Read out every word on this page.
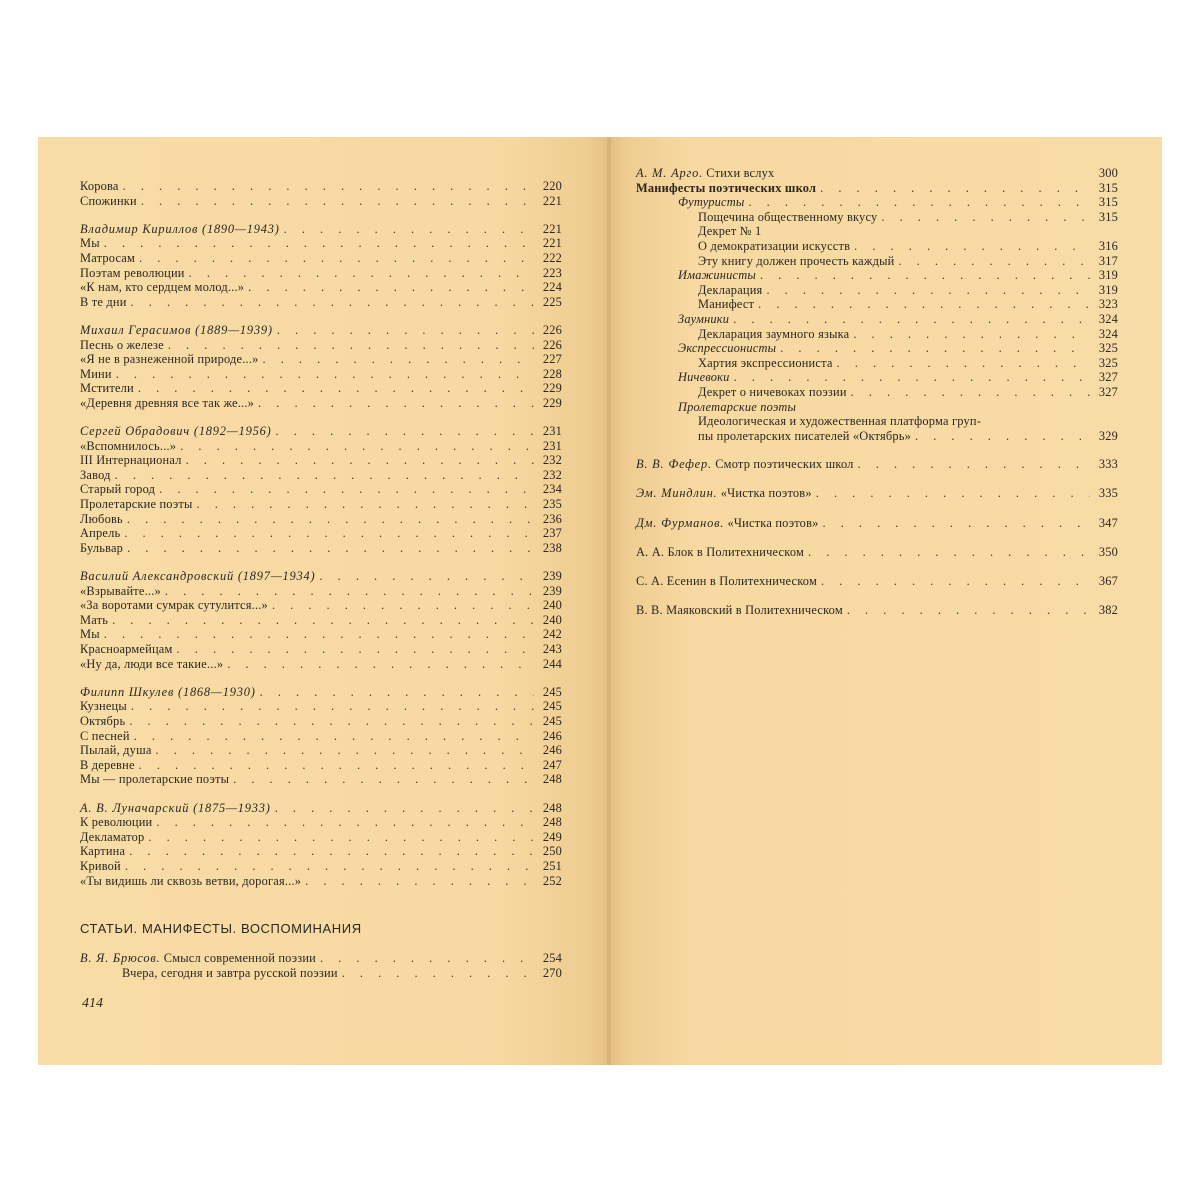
Корова . . .	220
Спожинки . . .	221
Владимир Кириллов (1890—1943) . . .	221
Мы . . .	221
Матросам . . .	222
Поэтам революции . . .	223
«К нам, кто сердцем молод...» . . .	224
В те дни . . .	225
Михаил Герасимов (1889—1939) . . .	226
Песнь о железе . . .	226
«Я не в разнеженной природе...» . . .	227
Мини . . .	228
Мстители . . .	229
«Деревня древняя все так же...» . . .	229
Сергей Обрадович (1892—1956) . . .	231
«Вспомнилось...» . . .	231
III Интернационал . . .	232
Завод . . .	232
Старый город . . .	234
Пролетарские поэты . . .	235
Любовь . . .	236
Апрель . . .	237
Бульвар . . .	238
Василий Александровский (1897—1934) . . .	239
«Взрывайте...» . . .	239
«За воротами сумрак сутулится...» . . .	240
Мать . . .	240
Мы . . .	242
Красноармейцам . . .	243
«Ну да, люди все такие...» . . .	244
Филипп Шкулев (1868—1930) . . .	245
Кузнецы . . .	245
Октябрь . . .	245
С песней . . .	246
Пылай, душа . . .	246
В деревне . . .	247
Мы — пролетарские поэты . . .	248
А. В. Луначарский (1875—1933) . . .	248
К революции . . .	248
Декламатор . . .	249
Картина . . .	250
Кривой . . .	251
«Ты видишь ли сквозь ветви, дорогая...» . . .	252
СТАТЬИ. МАНИФЕСТЫ. ВОСПОМИНАНИЯ
В. Я. Брюсов. Смысл современной поэзии . . .	254
Вчера, сегодня и завтра русской поэзии . . .	270
414
А. М. Арго. Стихи вслух	300
Манифесты поэтических школ . . .	315
Футуристы . . .	315
Пощечина общественному вкусу . . .	315
Декрет № 1
О демократизации искусств . . .	316
Эту книгу должен прочесть каждый . . .	317
Имажинисты . . .	319
Декларация . . .	319
Манифест . . .	323
Заумники . . .	324
Декларация заумного языка . . .	324
Экспрессионисты . . .	325
Хартия экспрессиониста . . .	325
Ничевоки . . .	327
Декрет о ничевоках поэзии . . .	327
Пролетарские поэты
Идеологическая и художественная платформа груп-
пы пролетарских писателей «Октябрь» . . .	329
В. В. Фефер. Смотр поэтических школ . . .	333
Эм. Миндлин. «Чистка поэтов» . . .	335
Дм. Фурманов. «Чистка поэтов» . . .	347
А. А. Блок в Политехническом . . .	350
С. А. Есенин в Политехническом . . .	367
В. В. Маяковский в Политехническом . . .	382
